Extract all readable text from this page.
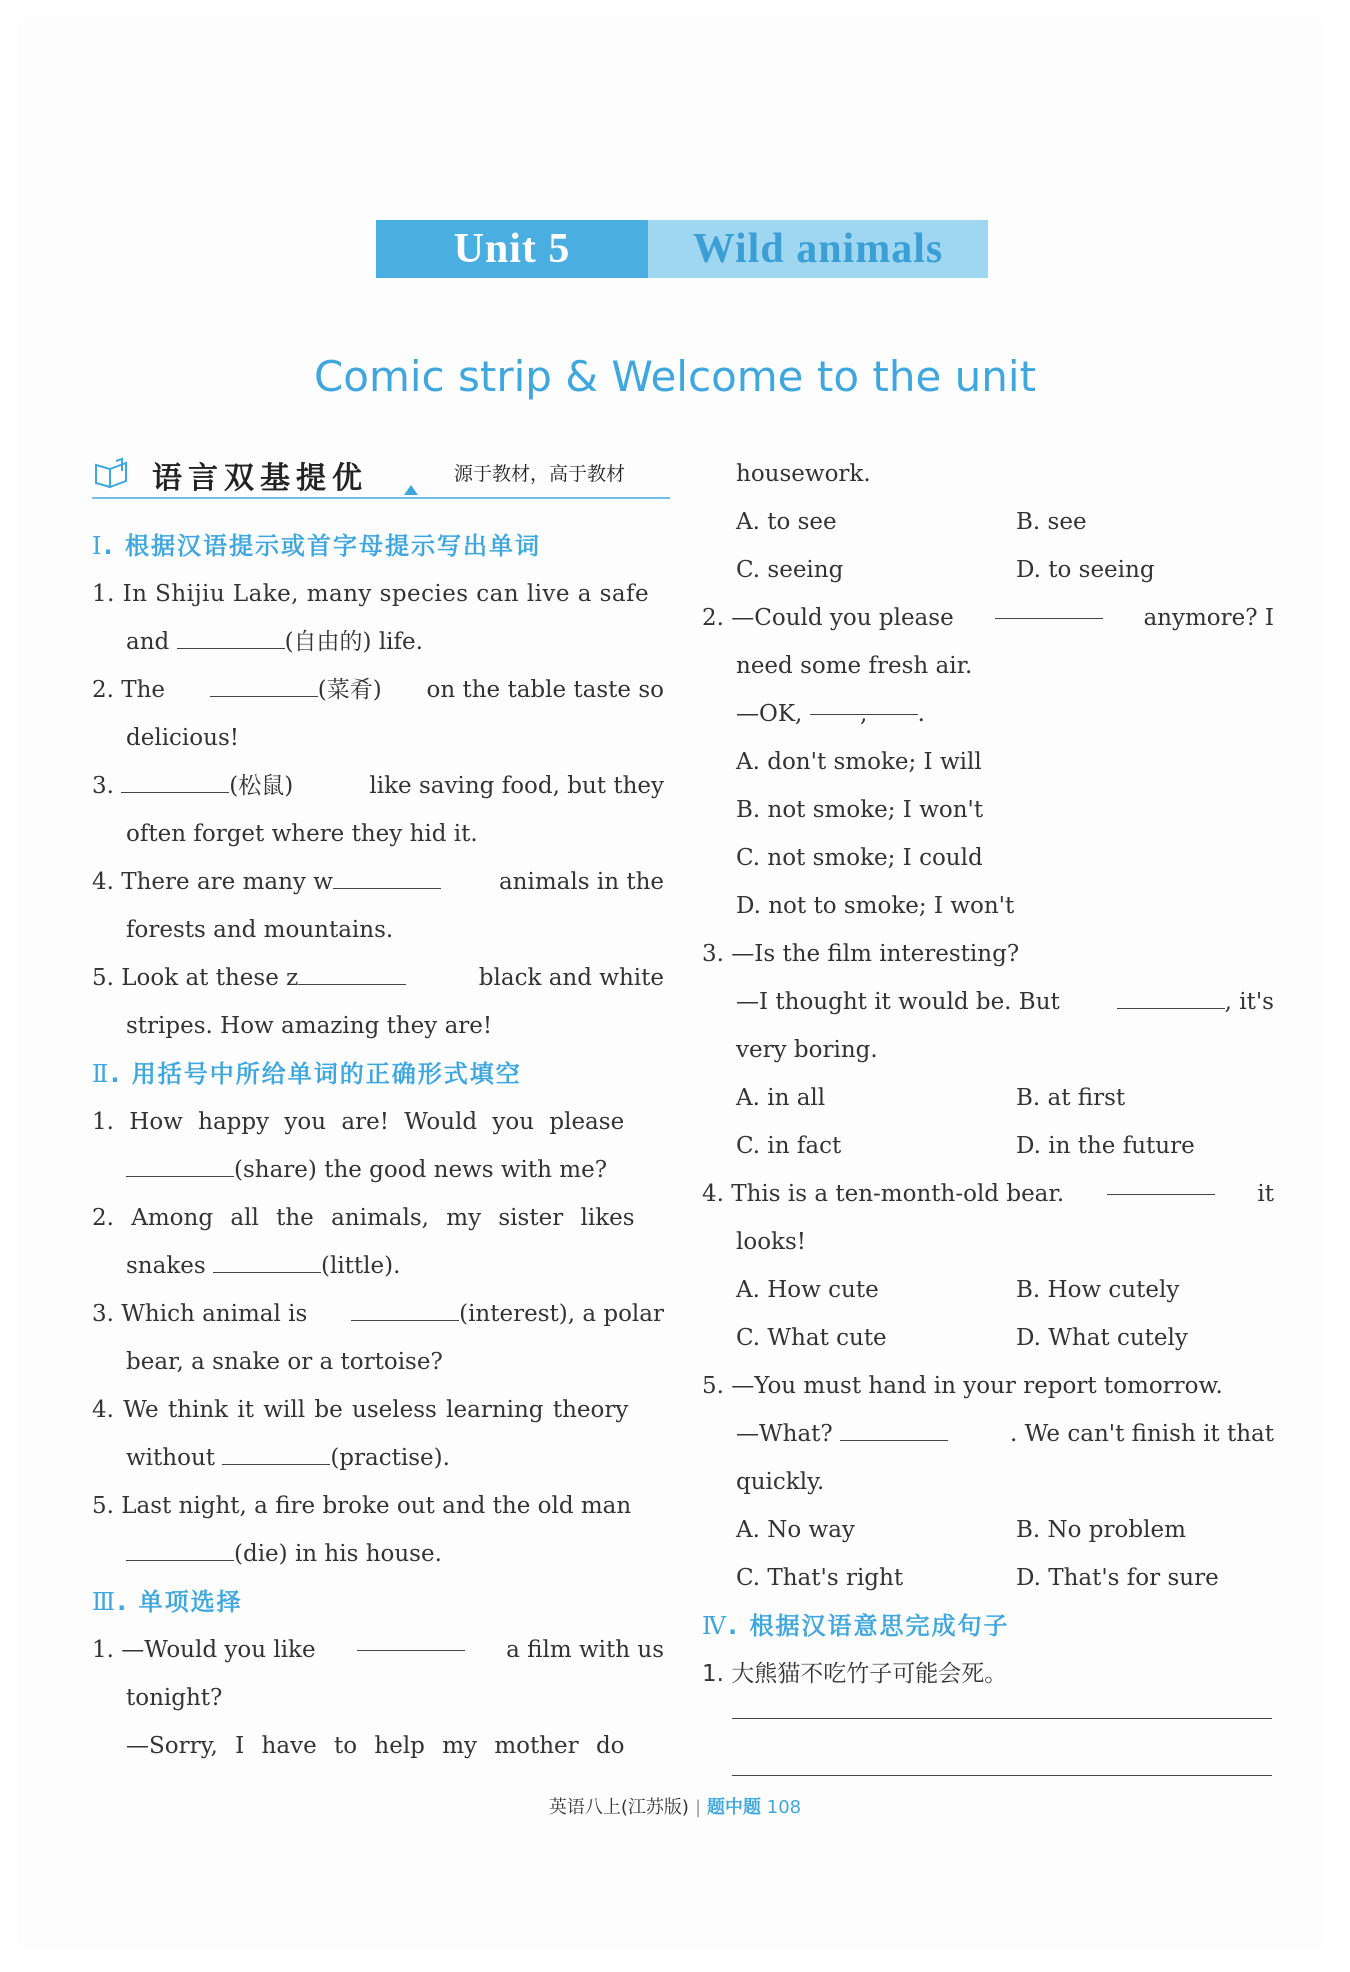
Unit 5	Wild animals
Comic strip & Welcome to the unit
语言双基提优	源于教材，高于教材
Ⅰ. 根据汉语提示或首字母提示写出单词
1. In Shijiu Lake, many species can live a safe
and	(自由的) life.
2. The	(菜肴) on the table taste so
delicious!
3.	(松鼠)	like saving food, but they
often forget where they hid it.
4. There are many w	animals in the
forests and mountains.
5. Look at these z	black and white
stripes. How amazing they are!
Ⅱ. 用括号中所给单词的正确形式填空
1. How happy you are! Would you please
(share) the good news with me?
2. Among all the animals, my sister likes
snakes	(little).
3. Which animal is	(interest), a polar
bear, a snake or a tortoise?
4. We think it will be useless learning theory
without	(practise).
5. Last night, a fire broke out and the old man
(die) in his house.
Ⅲ. 单项选择
1. —Would you like	a film with us
tonight?
—Sorry, I have to help my mother do
housework.
A. to see	B. see
C. seeing	D. to seeing
2. —Could you please	anymore? I
need some fresh air.
—OK,	, .
A. don't smoke; I will
B. not smoke; I won't
C. not smoke; I could
D. not to smoke; I won't
3. —Is the film interesting?
—I thought it would be. But	, it's
very boring.
A. in all	B. at first
C. in fact	D. in the future
4. This is a ten-month-old bear.	it
looks!
A. How cute	B. How cutely
C. What cute	D. What cutely
5. —You must hand in your report tomorrow.
—What?	. We can't finish it that
quickly.
A. No way	B. No problem
C. That's right	D. That's for sure
Ⅳ. 根据汉语意思完成句子
1. 大熊猫不吃竹子可能会死。
英语八上(江苏版) | 题中题 108
